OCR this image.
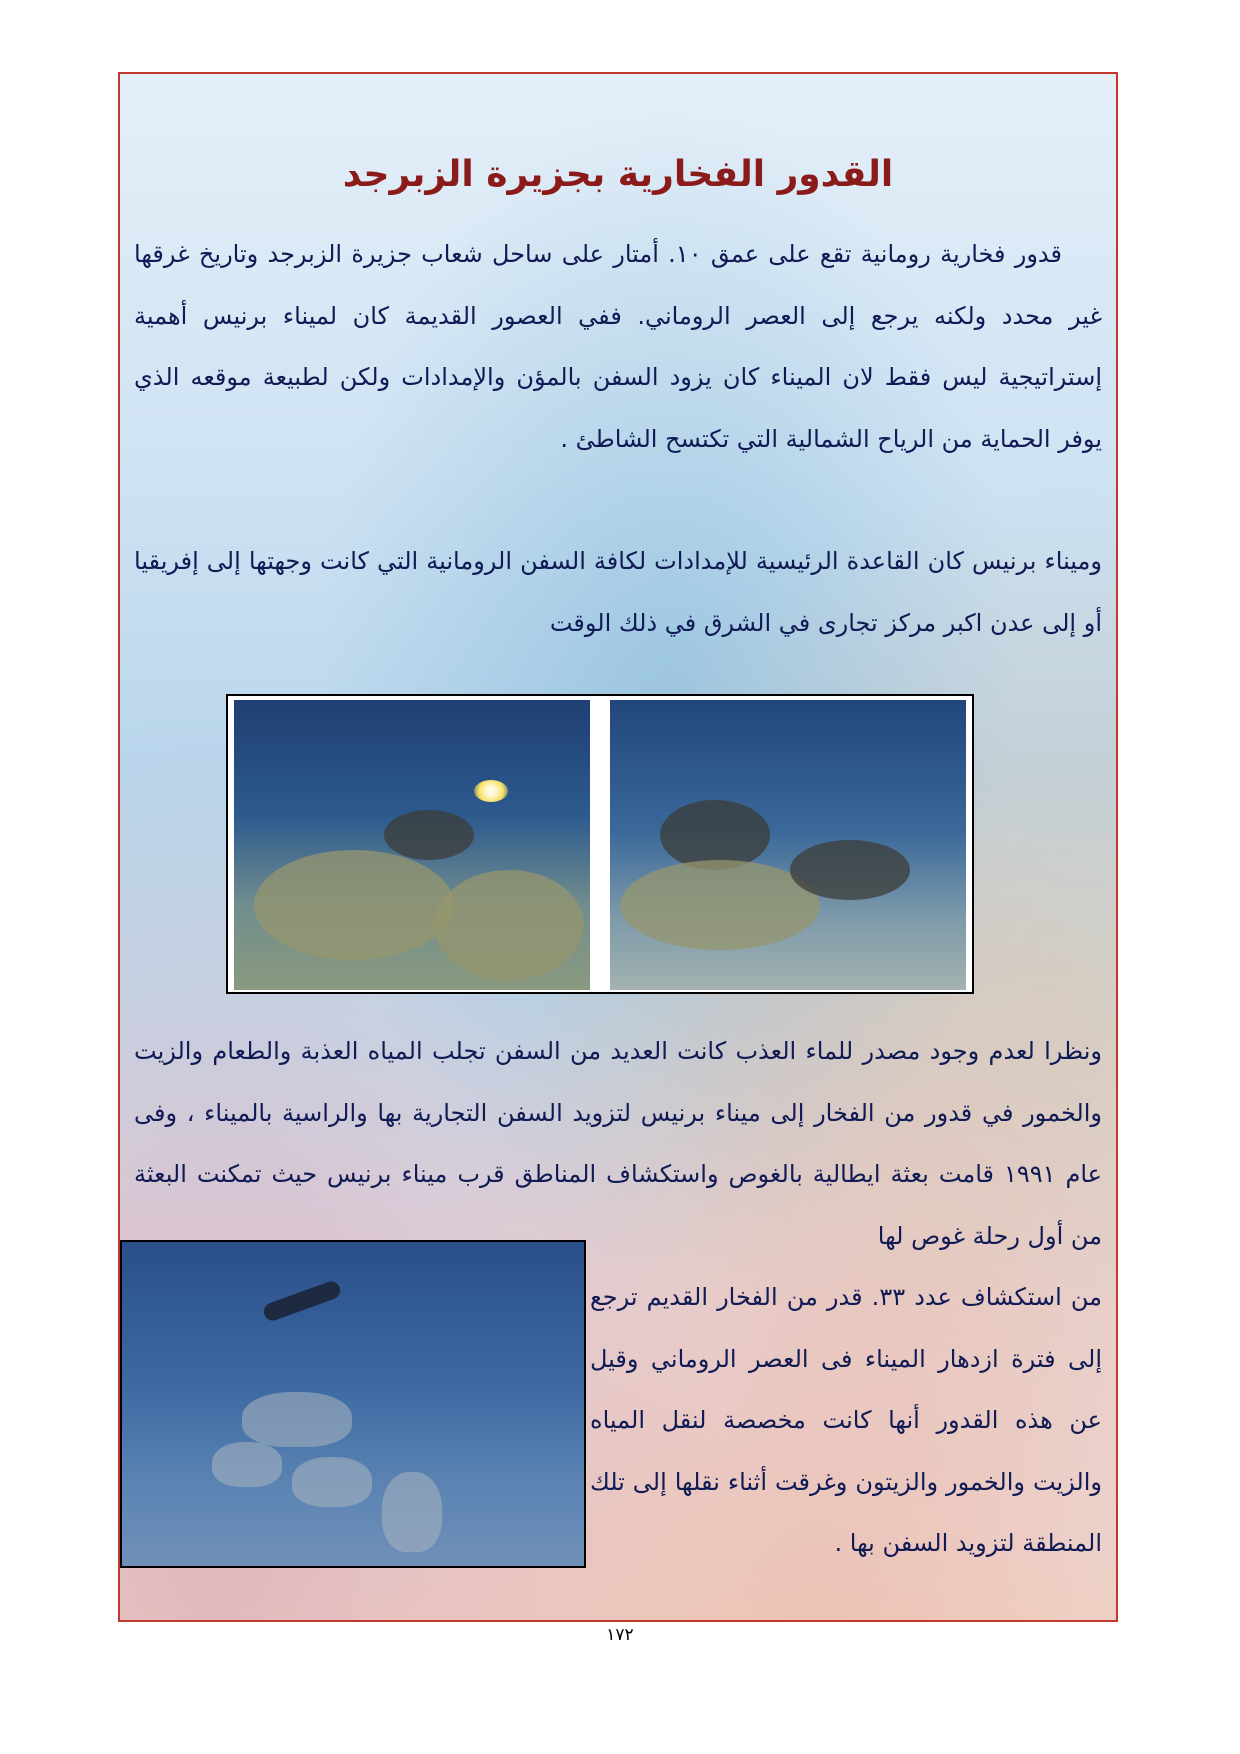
القدور الفخارية بجزيرة الزبرجد

قدور فخارية رومانية تقع على عمق ١٠. أمتار على ساحل شعاب جزيرة الزبرجد وتاريخ غرقها غير محدد ولكنه يرجع إلى العصر الروماني. ففي العصور القديمة كان لميناء برنيس أهمية إستراتيجية ليس فقط لان الميناء كان يزود السفن بالمؤن والإمدادات ولكن لطبيعة موقعه الذي يوفر الحماية من الرياح الشمالية التي تكتسح الشاطئ .

وميناء برنيس كان القاعدة الرئيسية للإمدادات لكافة السفن الرومانية التي كانت وجهتها إلى إفريقيا أو إلى عدن اكبر مركز تجارى في الشرق في ذلك الوقت

ونظرا لعدم وجود مصدر للماء العذب كانت العديد من السفن تجلب المياه العذبة والطعام والزيت والخمور في قدور من الفخار إلى ميناء برنيس لتزويد السفن التجارية بها والراسية بالميناء ، وفى عام ١٩٩١ قامت بعثة ايطالية بالغوص واستكشاف المناطق قرب ميناء برنيس حيث تمكنت البعثة من أول رحلة غوص لها

من استكشاف عدد ٣٣. قدر من الفخار القديم ترجع إلى فترة ازدهار الميناء فى العصر الروماني وقيل عن هذه القدور أنها كانت مخصصة لنقل المياه والزيت والخمور والزيتون وغرقت أثناء نقلها إلى تلك المنطقة لتزويد السفن بها .

١٧٢
